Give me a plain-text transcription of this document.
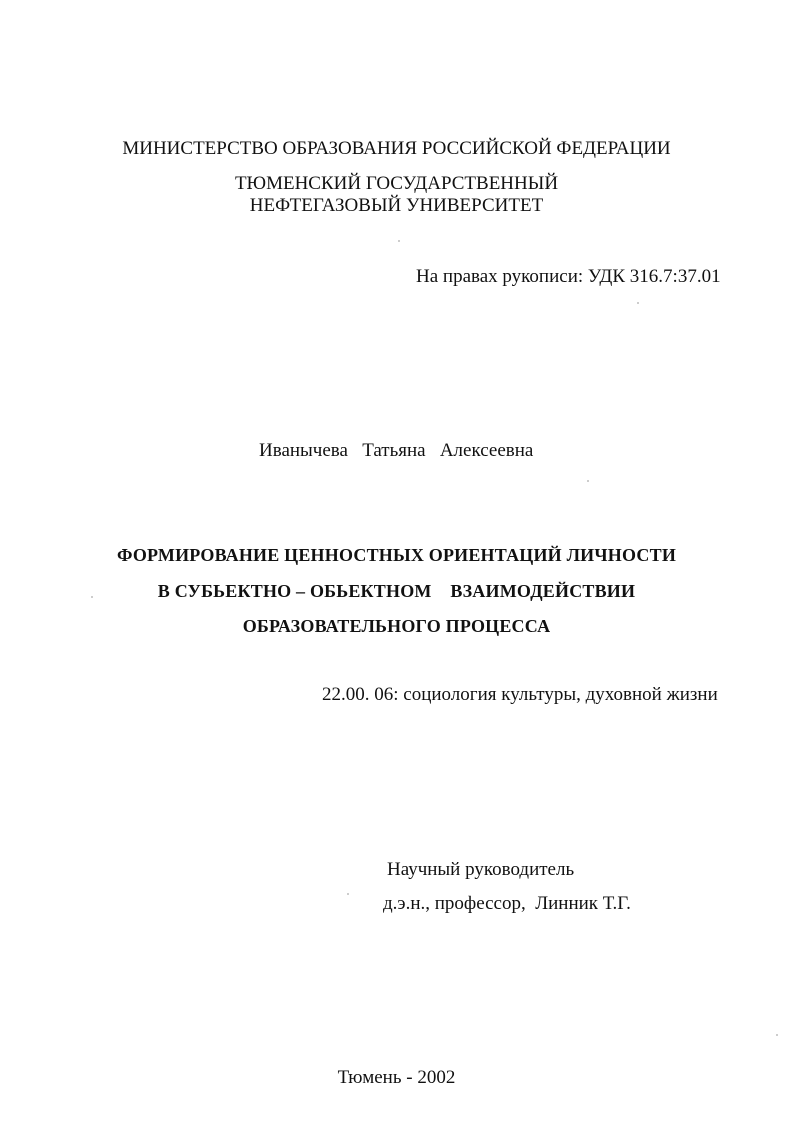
МИНИСТЕРСТВО ОБРАЗОВАНИЯ РОССИЙСКОЙ ФЕДЕРАЦИИ
ТЮМЕНСКИЙ ГОСУДАРСТВЕННЫЙ
НЕФТЕГАЗОВЫЙ УНИВЕРСИТЕТ
На правах рукописи: УДК 316.7:37.01
Иванычева   Татьяна   Алексеевна
ФОРМИРОВАНИЕ ЦЕННОСТНЫХ ОРИЕНТАЦИЙ ЛИЧНОСТИ
В СУБЬЕКТНО – ОБЬЕКТНОМ    ВЗАИМОДЕЙСТВИИ
ОБРАЗОВАТЕЛЬНОГО ПРОЦЕССА
22.00. 06: социология культуры, духовной жизни
Научный руководитель
д.э.н., профессор,  Линник Т.Г.
Тюмень - 2002
